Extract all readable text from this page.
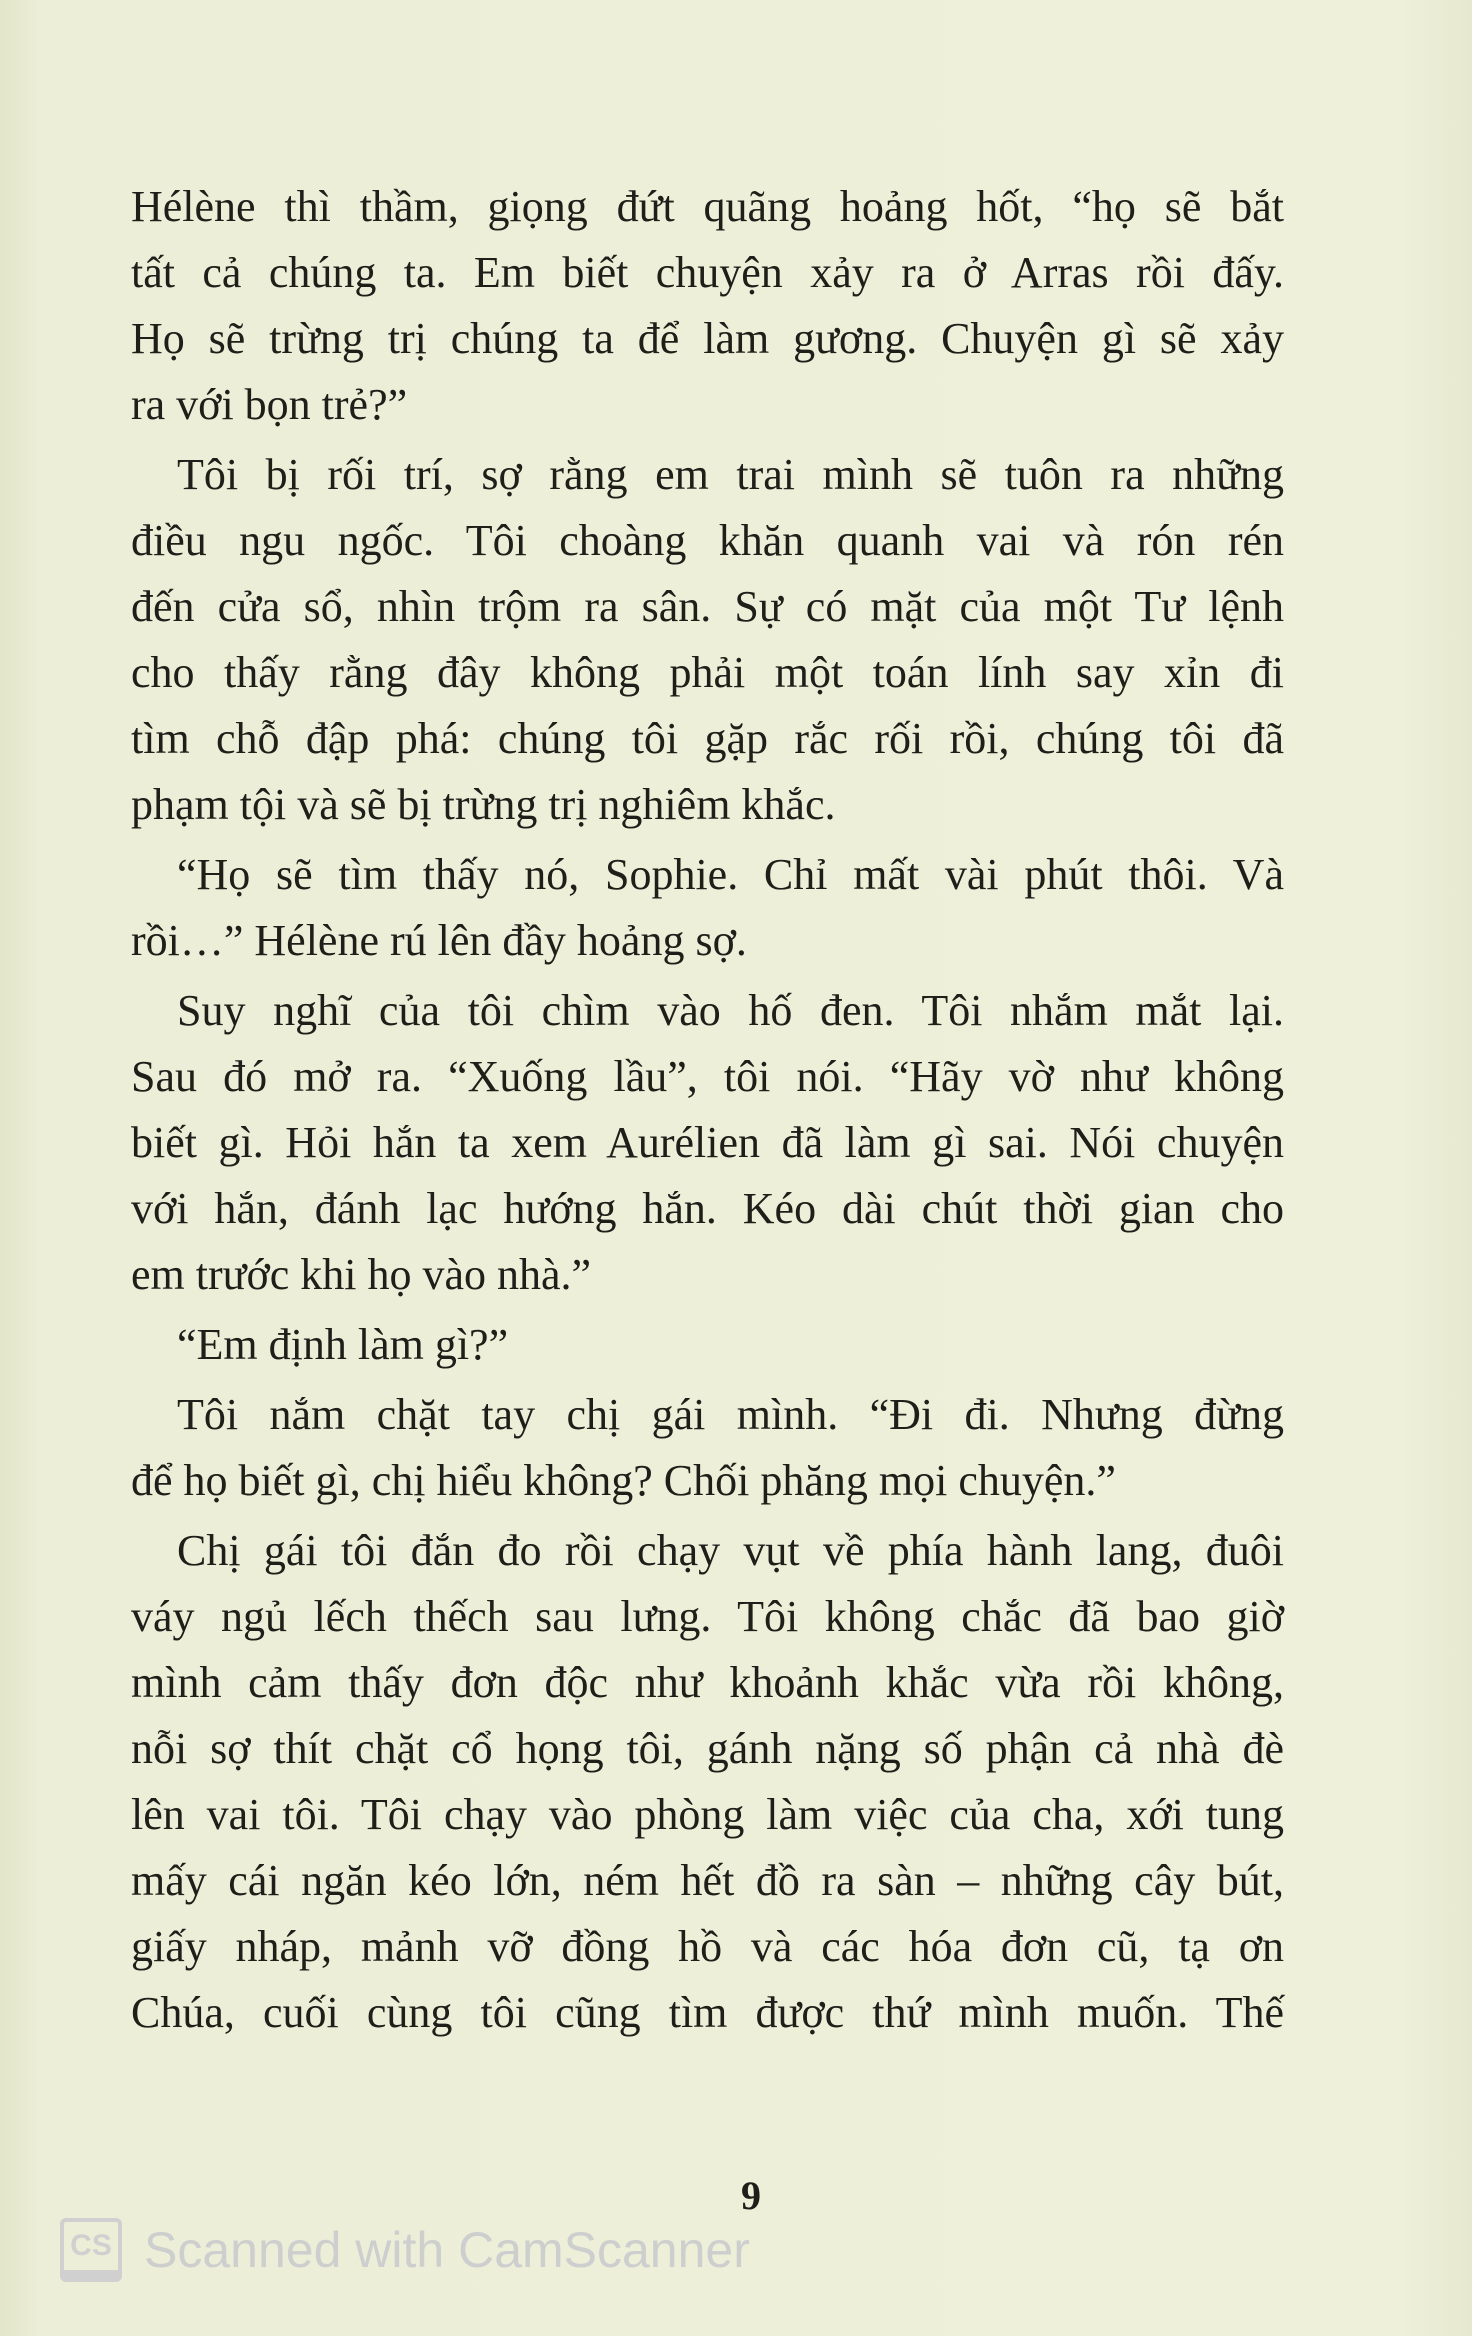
Hélène thì thầm, giọng đứt quãng hoảng hốt, “họ sẽ bắt
tất cả chúng ta. Em biết chuyện xảy ra ở Arras rồi đấy.
Họ sẽ trừng trị chúng ta để làm gương. Chuyện gì sẽ xảy
ra với bọn trẻ?”
Tôi bị rối trí, sợ rằng em trai mình sẽ tuôn ra những
điều ngu ngốc. Tôi choàng khăn quanh vai và rón rén
đến cửa sổ, nhìn trộm ra sân. Sự có mặt của một Tư lệnh
cho thấy rằng đây không phải một toán lính say xỉn đi
tìm chỗ đập phá: chúng tôi gặp rắc rối rồi, chúng tôi đã
phạm tội và sẽ bị trừng trị nghiêm khắc.
“Họ sẽ tìm thấy nó, Sophie. Chỉ mất vài phút thôi. Và
rồi…” Hélène rú lên đầy hoảng sợ.
Suy nghĩ của tôi chìm vào hố đen. Tôi nhắm mắt lại.
Sau đó mở ra. “Xuống lầu”, tôi nói. “Hãy vờ như không
biết gì. Hỏi hắn ta xem Aurélien đã làm gì sai. Nói chuyện
với hắn, đánh lạc hướng hắn. Kéo dài chút thời gian cho
em trước khi họ vào nhà.”
“Em định làm gì?”
Tôi nắm chặt tay chị gái mình. “Đi đi. Nhưng đừng
để họ biết gì, chị hiểu không? Chối phăng mọi chuyện.”
Chị gái tôi đắn đo rồi chạy vụt về phía hành lang, đuôi
váy ngủ lếch thếch sau lưng. Tôi không chắc đã bao giờ
mình cảm thấy đơn độc như khoảnh khắc vừa rồi không,
nỗi sợ thít chặt cổ họng tôi, gánh nặng số phận cả nhà đè
lên vai tôi. Tôi chạy vào phòng làm việc của cha, xới tung
mấy cái ngăn kéo lớn, ném hết đồ ra sàn – những cây bút,
giấy nháp, mảnh vỡ đồng hồ và các hóa đơn cũ, tạ ơn
Chúa, cuối cùng tôi cũng tìm được thứ mình muốn. Thế
9
CS Scanned with CamScanner
